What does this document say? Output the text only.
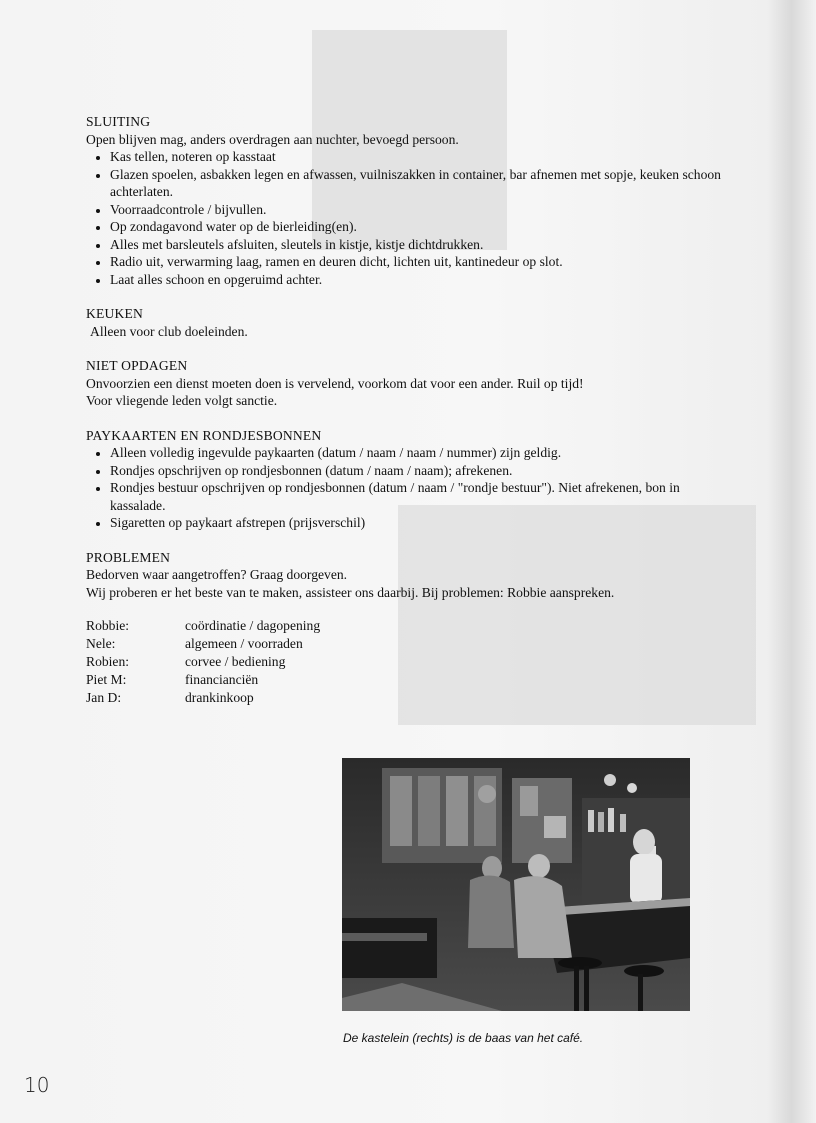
SLUITING

Open blijven mag, anders overdragen aan nuchter, bevoegd persoon.

• Kas tellen, noteren op kasstaat
• Glazen spoelen, asbakken legen en afwassen, vuilniszakken in container, bar afnemen met sopje, keuken schoon achterlaten.
• Voorraadcontrole / bijvullen.
• Op zondagavond water op de bierleiding(en).
• Alles met barsleutels afsluiten, sleutels in kistje, kistje dichtdrukken.
• Radio uit, verwarming laag, ramen en deuren dicht, lichten uit, kantinedeur op slot.
• Laat alles schoon en opgeruimd achter.
KEUKEN

Alleen voor club doeleinden.

NIET OPDAGEN

Onvoorzien een dienst moeten doen is vervelend, voorkom dat voor een ander. Ruil op tijd!

Voor vliegende leden volgt sanctie.

PAYKAARTEN EN RONDJESBONNEN
• Alleen volledig ingevulde paykaarten (datum / naam / naam / nummer) zijn geldig.
• Rondjes opschrijven op rondjesbonnen (datum / naam / naam); afrekenen.
• Rondjes bestuur opschrijven op rondjesbonnen (datum / naam / "rondje bestuur"). Niet afrekenen, bon in kassalade.
• Sigaretten op paykaart afstrepen (prijsverschil)
PROBLEMEN

Bedorven waar aangetroffen? Graag doorgeven.

Wij proberen er het beste van te maken, assisteer ons daarbij. Bij problemen: Robbie aanspreken.

Robbie:	coördinatie / dagopening
Nele:	algemeen / voorraden
Robien:	corvee / bediening
Piet M:	financianciën
Jan D:	drankinkoop
De kastelein (rechts) is de baas van het café.
10
